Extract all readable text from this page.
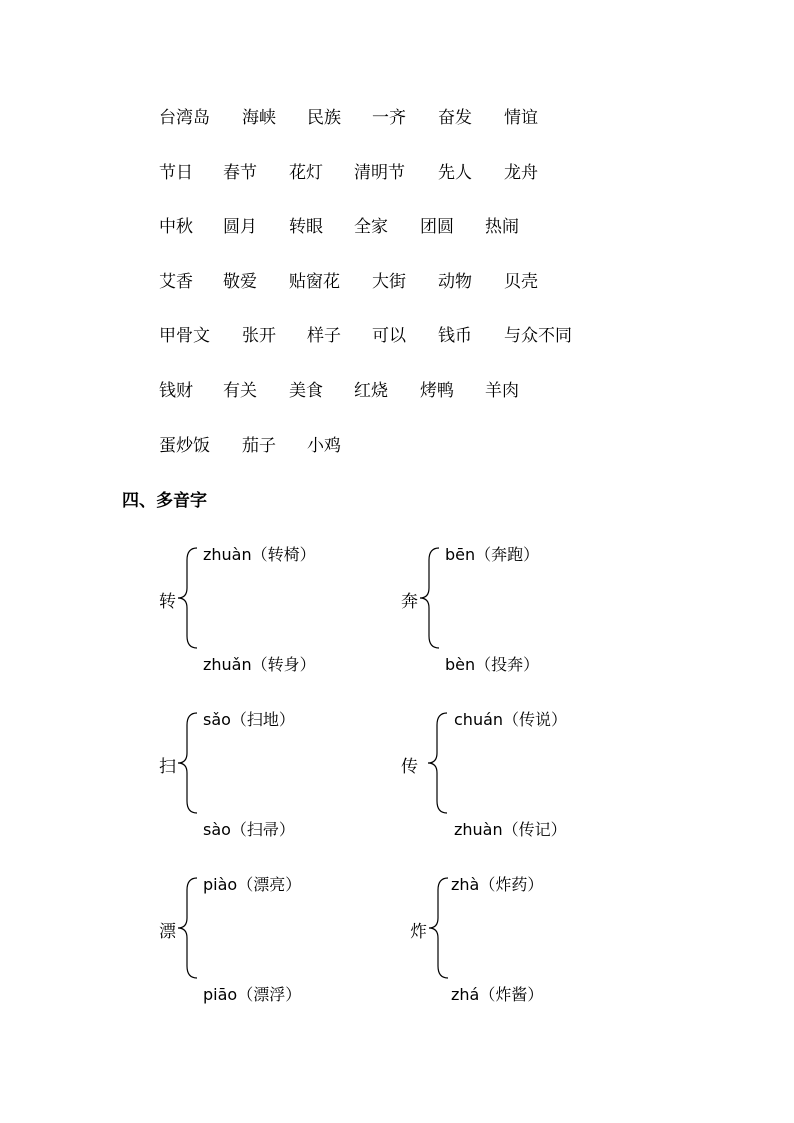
台湾岛 海峡 民族 一齐 奋发 情谊
节日 春节 花灯 清明节 先人 龙舟
中秋 圆月 转眼 全家 团圆 热闹
艾香 敬爱 贴窗花 大街 动物 贝壳
甲骨文 张开 样子 可以 钱币 与众不同
钱财 有关 美食 红烧 烤鸭 羊肉
蛋炒饭 茄子 小鸡
四、多音字
转
zhuàn（转椅）
zhuǎn（转身）
奔
bēn（奔跑）
bèn（投奔）
扫
sǎo（扫地）
sào（扫帚）
传
chuán（传说）
zhuàn（传记）
漂
piào（漂亮）
piāo（漂浮）
炸
zhà（炸药）
zhá（炸酱）
